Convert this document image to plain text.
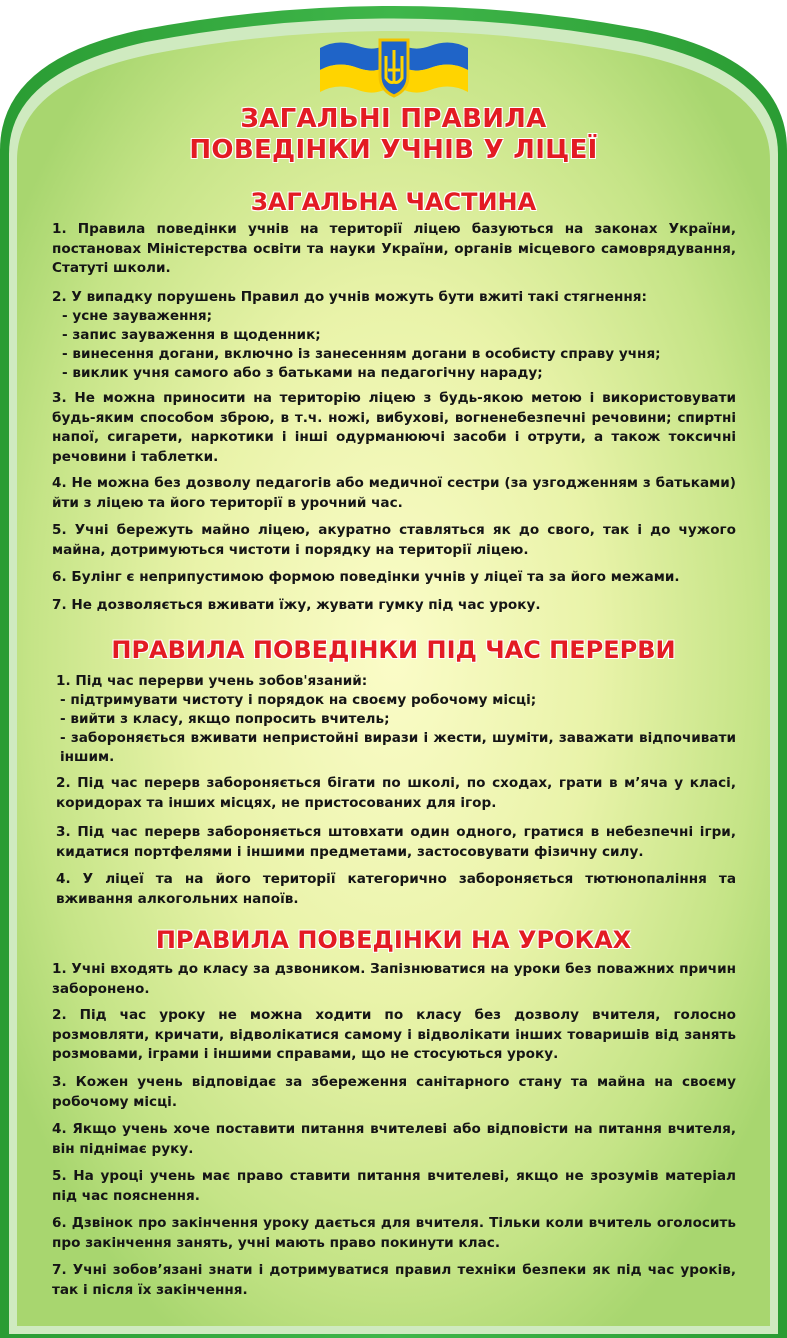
ЗАГАЛЬНІ ПРАВИЛА
ПОВЕДІНКИ УЧНІВ У ЛІЦЕЇ
ЗАГАЛЬНА ЧАСТИНА
1. Правила поведінки учнів на території ліцею базуються на законах України, постановах Міністерства освіти та науки України, органів місцевого самоврядування, Статуті школи.
2. У випадку порушень Правил до учнів можуть бути вжиті такі стягнення:
- усне зауваження;
- запис зауваження в щоденник;
- винесення догани, включно із занесенням догани в особисту справу учня;
- виклик учня самого або з батьками на педагогічну нараду;
3. Не можна приносити на територію ліцею з будь-якою метою і використовувати будь-яким способом зброю, в т.ч. ножі, вибухові, вогненебезпечні речовини; спиртні напої, сигарети, наркотики і інші одурманюючі засоби і отрути, а також токсичні речовини і таблетки.
4. Не можна без дозволу педагогів або медичної сестри (за узгодженням з батьками) йти з ліцею та його території в урочний час.
5. Учні бережуть майно ліцею, акуратно ставляться як до свого, так і до чужого майна, дотримуються чистоти і порядку на території ліцею.
6. Булінг є неприпустимою формою поведінки учнів у ліцеї та за його межами.
7. Не дозволяється вживати їжу, жувати гумку під час уроку.
ПРАВИЛА ПОВЕДІНКИ ПІД ЧАС ПЕРЕРВИ
1. Під час перерви учень зобов'язаний:
- підтримувати чистоту і порядок на своєму робочому місці;
- вийти з класу, якщо попросить вчитель;
- забороняється вживати непристойні вирази і жести, шуміти, заважати відпочивати іншим.
2. Під час перерв забороняється бігати по школі, по сходах, грати в м’яча у класі, коридорах та інших місцях, не пристосованих для ігор.
3. Під час перерв забороняється штовхати один одного, гратися в небезпечні ігри, кидатися портфелями і іншими предметами, застосовувати фізичну силу.
4. У ліцеї та на його території категорично забороняється тютюнопаління та вживання алкогольних напоїв.
ПРАВИЛА ПОВЕДІНКИ НА УРОКАХ
1. Учні входять до класу за дзвоником. Запізнюватися на уроки без поважних причин заборонено.
2. Під час уроку не можна ходити по класу без дозволу вчителя, голосно розмовляти, кричати, відволікатися самому і відволікати інших товаришів від занять розмовами, іграми і іншими справами, що не стосуються уроку.
3. Кожен учень відповідає за збереження санітарного стану та майна на своєму робочому місці.
4. Якщо учень хоче поставити питання вчителеві або відповісти на питання вчителя, він піднімає руку.
5. На уроці учень має право ставити питання вчителеві, якщо не зрозумів матеріал під час пояснення.
6. Дзвінок про закінчення уроку дається для вчителя. Тільки коли вчитель оголосить про закінчення занять, учні мають право покинути клас.
7. Учні зобов’язані знати і дотримуватися правил техніки безпеки як під час уроків, так і після їх закінчення.
